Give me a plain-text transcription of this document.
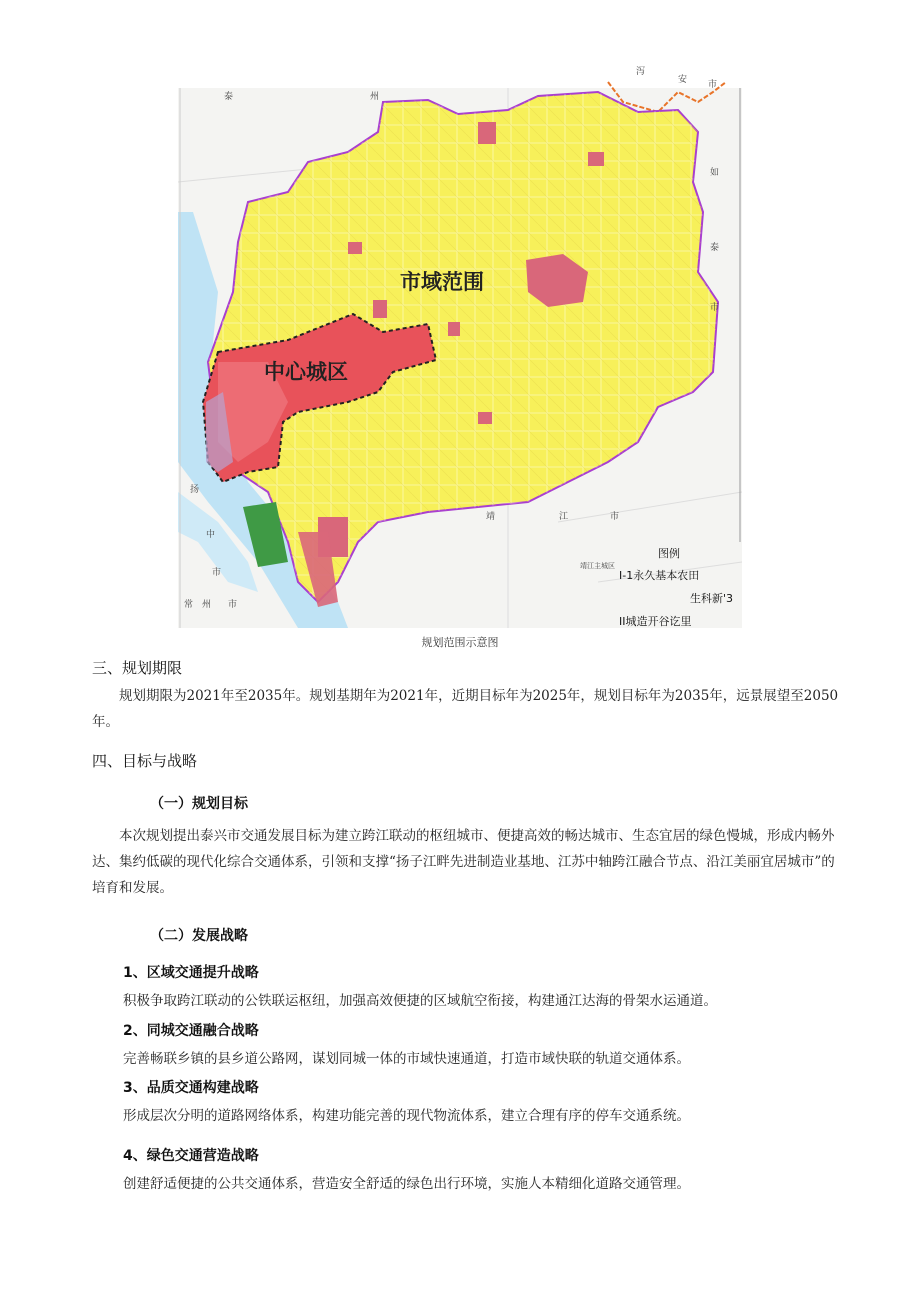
市域范围
中心城区
泰	州
泻
安 市
如
泰
市
靖	江	市
扬
中
市
常 州 市
图例
靖江主城区
I-1永久基本农田
生科新'3
II城造开谷讫里
规划范围示意图
三、规划期限
规划期限为2021年至2035年。规划基期年为2021年，近期目标年为2025年，规划目标年为2035年，远景展望至2050年。
四、目标与战略
（一）规划目标
本次规划提出泰兴市交通发展目标为建立跨江联动的枢纽城市、便捷高效的畅达城市、生态宜居的绿色慢城，形成内畅外达、集约低碳的现代化综合交通体系，引领和支撑“扬子江畔先进制造业基地、江苏中轴跨江融合节点、沿江美丽宜居城市”的培育和发展。
（二）发展战略
1、区域交通提升战略
积极争取跨江联动的公铁联运枢纽，加强高效便捷的区域航空衔接，构建通江达海的骨架水运通道。
2、同城交通融合战略
完善畅联乡镇的县乡道公路网，谋划同城一体的市域快速通道，打造市域快联的轨道交通体系。
3、品质交通构建战略
形成层次分明的道路网络体系，构建功能完善的现代物流体系，建立合理有序的停车交通系统。
4、绿色交通营造战略
创建舒适便捷的公共交通体系，营造安全舒适的绿色出行环境，实施人本精细化道路交通管理。
